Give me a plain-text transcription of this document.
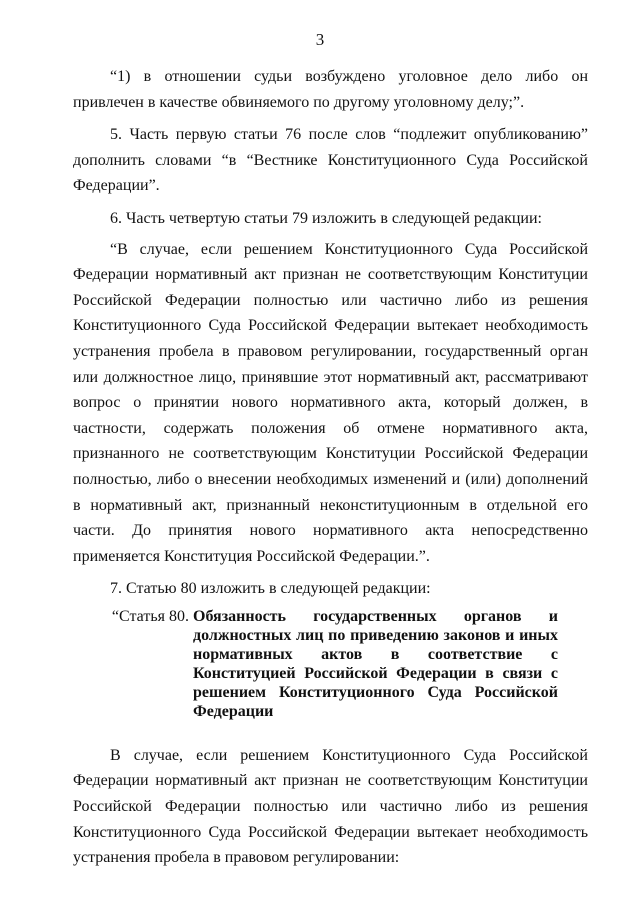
3

“1) в отношении судьи возбуждено уголовное дело либо он привлечен в качестве обвиняемого по другому уголовному делу;”.

5. Часть первую статьи 76 после слов “подлежит опубликованию” дополнить словами “в “Вестнике Конституционного Суда Российской Федерации”.

6. Часть четвертую статьи 79 изложить в следующей редакции:

“В случае, если решением Конституционного Суда Российской Федерации нормативный акт признан не соответствующим Конституции Российской Федерации полностью или частично либо из решения Конституционного Суда Российской Федерации вытекает необходимость устранения пробела в правовом регулировании, государственный орган или должностное лицо, принявшие этот нормативный акт, рассматривают вопрос о принятии нового нормативного акта, который должен, в частности, содержать положения об отмене нормативного акта, признанного не соответствующим Конституции Российской Федерации полностью, либо о внесении необходимых изменений и (или) дополнений в нормативный акт, признанный неконституционным в отдельной его части. До принятия нового нормативного акта непосредственно применяется Конституция Российской Федерации.”.

7. Статью 80 изложить в следующей редакции:

“Статья 80. Обязанность государственных органов и должностных лиц по приведению законов и иных нормативных актов в соответствие с Конституцией Российской Федерации в связи с решением Конституционного Суда Российской Федерации

В случае, если решением Конституционного Суда Российской Федерации нормативный акт признан не соответствующим Конституции Российской Федерации полностью или частично либо из решения Конституционного Суда Российской Федерации вытекает необходимость устранения пробела в правовом регулировании:
